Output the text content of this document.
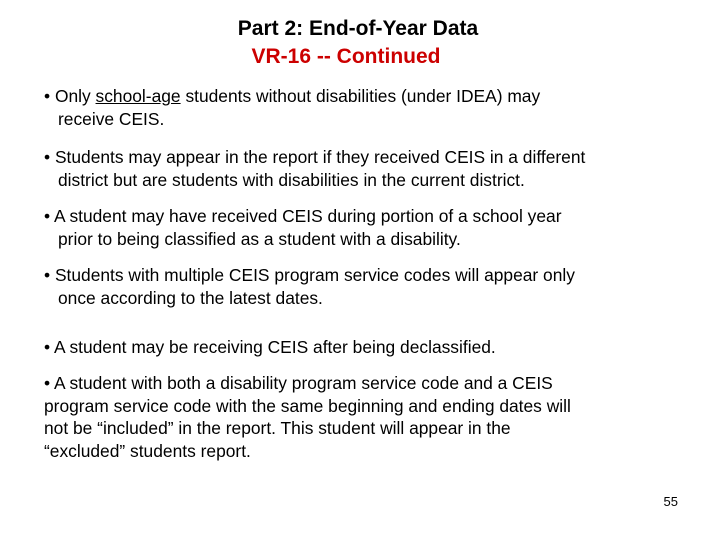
Part 2: End-of-Year Data
VR-16 -- Continued

• Only school-age students without disabilities (under IDEA) may
receive CEIS.

• Students may appear in the report if they received CEIS in a different
district but are students with disabilities in the current district.

• A student may have received CEIS during portion of a school year
prior to being classified as a student with a disability.

• Students with multiple CEIS program service codes will appear only
once according to the latest dates.

• A student may be receiving CEIS after being declassified.

• A student with both a disability program service code and a CEIS
program service code with the same beginning and ending dates will
not be “included” in the report. This student will appear in the
“excluded” students report.

55
